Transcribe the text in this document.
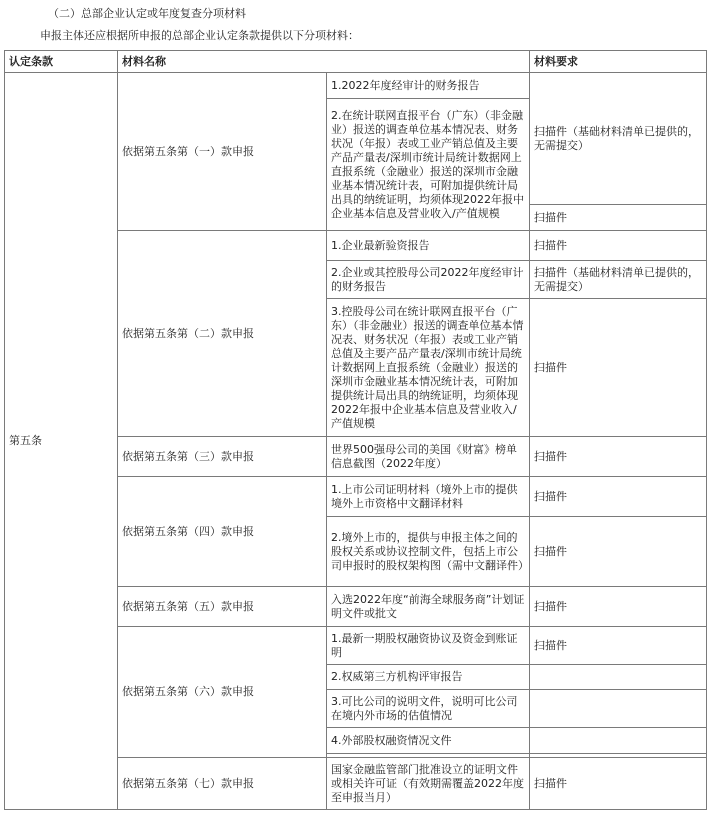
（二）总部企业认定或年度复查分项材料
申报主体还应根据所申报的总部企业认定条款提供以下分项材料：
认定条款	材料名称		材料要求
第五条	依据第五条第（一）款申报	1.2022年度经审计的财务报告	扫描件（基础材料清单已提供的，无需提交）
		2.在统计联网直报平台（广东）（非金融业）报送的调查单位基本情况表、财务状况（年报）表或工业产销总值及主要产品产量表/深圳市统计局统计数据网上直报系统（金融业）报送的深圳市金融业基本情况统计表，可附加提供统计局出具的纳统证明，均须体现2022年报中企业基本信息及营业收入/产值规模	
			扫描件
	依据第五条第（二）款申报	1.企业最新验资报告	扫描件
		2.企业或其控股母公司2022年度经审计的财务报告	扫描件（基础材料清单已提供的，无需提交）
		3.控股母公司在统计联网直报平台（广东）（非金融业）报送的调查单位基本情况表、财务状况（年报）表或工业产销总值及主要产品产量表/深圳市统计局统计数据网上直报系统（金融业）报送的深圳市金融业基本情况统计表，可附加提供统计局出具的纳统证明，均须体现2022年报中企业基本信息及营业收入/产值规模	扫描件
	依据第五条第（三）款申报	世界500强母公司的美国《财富》榜单信息截图（2022年度）	扫描件
	依据第五条第（四）款申报	1.上市公司证明材料（境外上市的提供境外上市资格中文翻译材料	扫描件
		2.境外上市的，提供与申报主体之间的股权关系或协议控制文件，包括上市公司申报时的股权架构图（需中文翻译件）	扫描件
	依据第五条第（五）款申报	入选2022年度“前海全球服务商”计划证明文件或批文	扫描件
	依据第五条第（六）款申报	1.最新一期股权融资协议及资金到账证明	扫描件
		2.权威第三方机构评审报告	
		3.可比公司的说明文件，说明可比公司在境内外市场的估值情况	
		4.外部股权融资情况文件	

	依据第五条第（七）款申报	国家金融监管部门批准设立的证明文件或相关许可证（有效期需覆盖2022年度至申报当月）	扫描件
